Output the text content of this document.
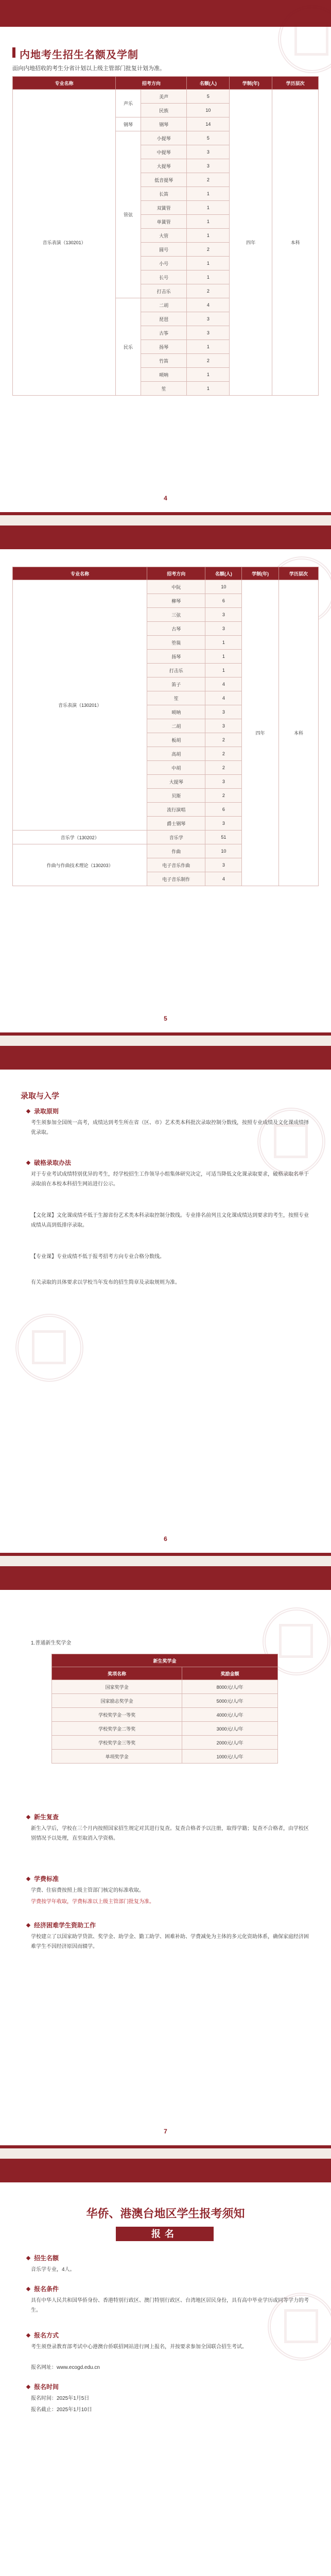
内地考生招生名额及学制
面向内地招收的考生分省计划以上级主管部门批复计划为准。
专业名称	招考方向		名额(人)	学制(年)	学历层次
音乐表演（130201）	声乐	美声	5	四年	本科
		民族	10		
	钢琴	钢琴	14		
	管弦	小提琴	5		
		中提琴	3		
		大提琴	3		
		低音提琴	2		
		长笛	1		
		双簧管	1		
		单簧管	1		
		大管	1		
		圆号	2		
		小号	1		
		长号	1		
		打击乐	2		
	民乐	二胡	4		
		琵琶	3		
		古筝	3		
		扬琴	1		
		竹笛	2		
		唢呐	1		
		笙	1		
4
专业名称	招考方向	名额(人)	学制(年)	学历层次
音乐表演（130201）	中阮	10	四年	本科
	柳琴	6		
	三弦	3		
	古琴	3		
	箜篌	1		
	扬琴	1		
	打击乐	1		
	笛子	4		
	笙	4		
	唢呐	3		
	二胡	3		
	板胡	2		
	高胡	2		
	中胡	2		
	大提琴	3		
	贝斯	2		
	流行演唱	6		
	爵士钢琴	3		
音乐学（130202）	音乐学	51		
作曲与作曲技术理论（130203）	作曲	10		
	电子音乐作曲	3		
	电子音乐制作	4		
5
录取与入学
录取原则
考生须参加全国统一高考，成绩达到考生所在省（区、市）艺术类本科批次录取控制分数线，按照专业成绩及文化课成绩择优录取。
破格录取办法
对于专业考试成绩特别优异的考生，经学校招生工作领导小组集体研究决定，可适当降低文化课录取要求，破格录取名单于录取前在本校本科招生网站进行公示。
【文化课】文化课成绩不低于生源省份艺术类本科录取控制分数线。专业排名前列且文化课成绩达到要求的考生，按照专业成绩从高到低排序录取。
【专业课】专业成绩不低于报考招考方向专业合格分数线。
有关录取的具体要求以学校当年发布的招生简章及录取规则为准。
6
1.普通新生奖学金
新生奖学金	
奖项名称	奖励金额
国家奖学金	8000元/人/年
国家励志奖学金	5000元/人/年
学校奖学金一等奖	4000元/人/年
学校奖学金二等奖	3000元/人/年
学校奖学金三等奖	2000元/人/年
单项奖学金	1000元/人/年
新生复查
新生入学后，学校在三个月内按照国家招生规定对其进行复查。复查合格者予以注册，取得学籍；复查不合格者，由学校区别情况予以处理，直至取消入学资格。
学费标准
学费、住宿费按照上级主管部门核定的标准收取。
学费按学年收取，学费标准以上级主管部门批复为准。
经济困难学生资助工作
学校建立了以国家助学贷款、奖学金、助学金、勤工助学、困难补助、学费减免为主体的多元化资助体系，确保家庭经济困难学生不因经济原因而辍学。
7
华侨、港澳台地区学生报考须知
报名
招生名额
音乐学专业，4人。
报名条件
具有中华人民共和国华侨身份、香港特别行政区、澳门特别行政区、台湾地区居民身份，具有高中毕业学历或同等学力的考生。
报名方式
考生须登录教育部考试中心港澳台侨联招网站进行网上报名，并按要求参加全国联合招生考试。
报名网址：www.ecogd.edu.cn
报名时间
报名时间：2025年1月5日
报名截止：2025年1月10日
